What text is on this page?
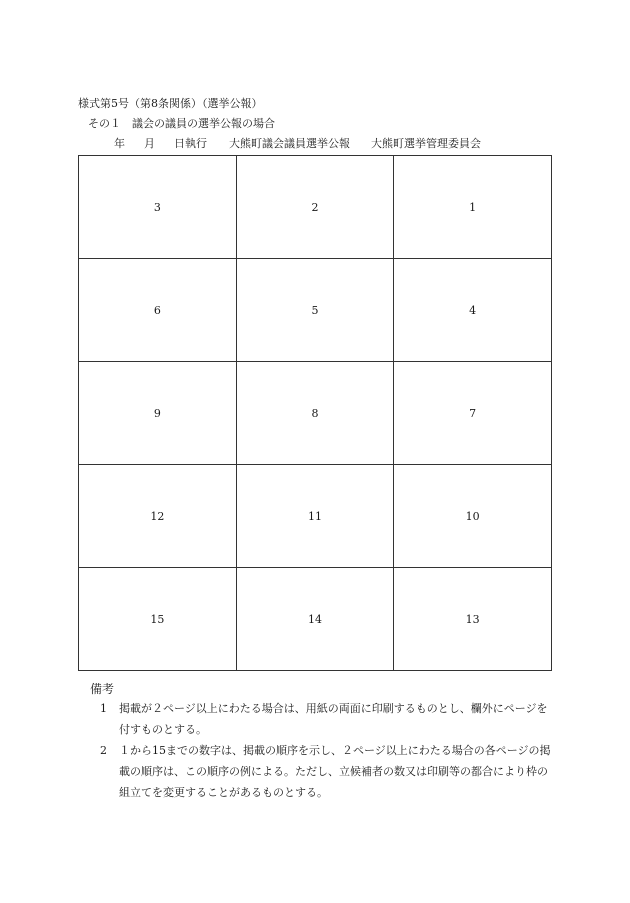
様式第5号（第8条関係）（選挙公報）
その１　議会の議員の選挙公報の場合
年 月 日執行 大熊町議会議員選挙公報 大熊町選挙管理委員会
3	2	1
6	5	4
9	8	7
12	11	10
15	14	13
備考
1	掲載が２ページ以上にわたる場合は、用紙の両面に印刷するものとし、欄外にページを付すものとする。
2	１から15までの数字は、掲載の順序を示し、２ページ以上にわたる場合の各ページの掲載の順序は、この順序の例による。ただし、立候補者の数又は印刷等の都合により枠の組立てを変更することがあるものとする。
